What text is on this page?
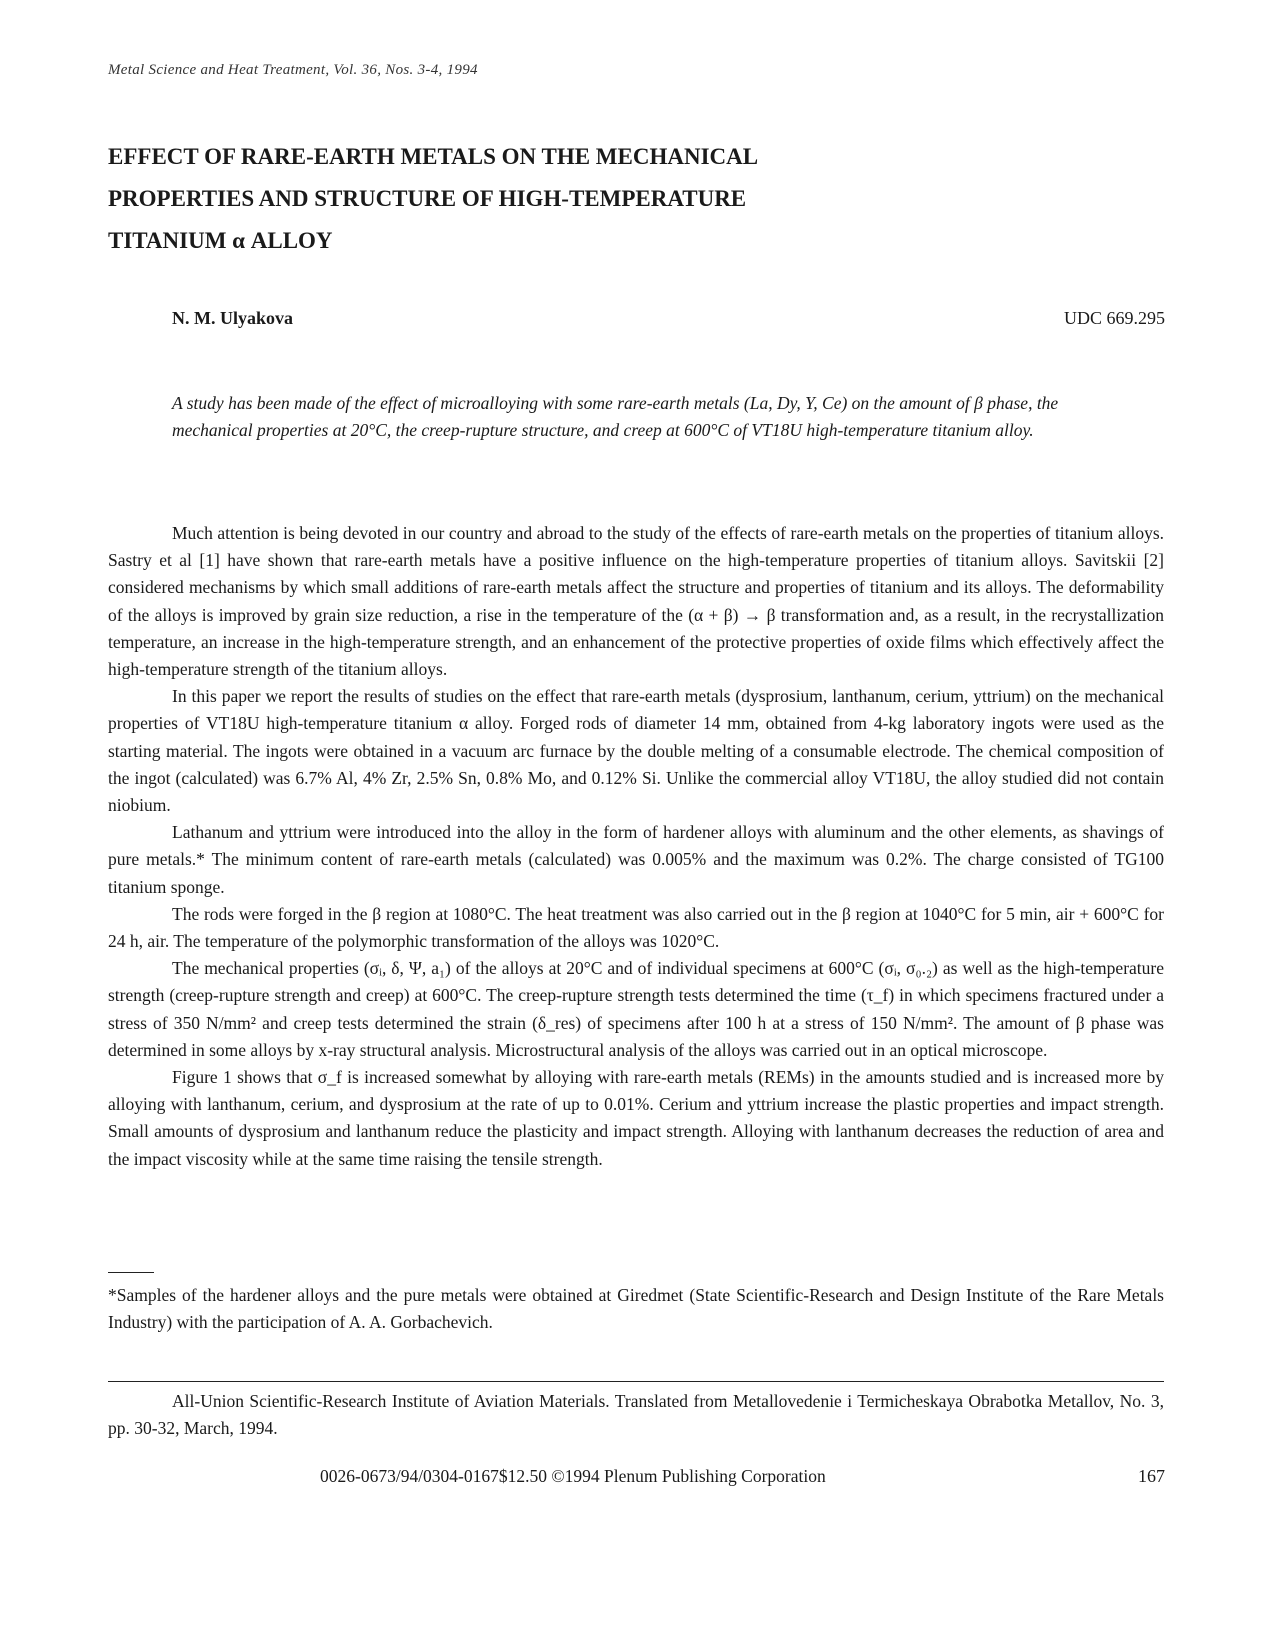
Metal Science and Heat Treatment, Vol. 36, Nos. 3-4, 1994
EFFECT OF RARE-EARTH METALS ON THE MECHANICAL
PROPERTIES AND STRUCTURE OF HIGH-TEMPERATURE
TITANIUM α ALLOY
N. M. Ulyakova	UDC 669.295

A study has been made of the effect of microalloying with some rare-earth metals (La, Dy, Y, Ce) on the amount of β phase, the mechanical properties at 20°C, the creep-rupture structure, and creep at 600°C of VT18U high-temperature titanium alloy.

Much attention is being devoted in our country and abroad to the study of the effects of rare-earth metals on the properties of titanium alloys. Sastry et al [1] have shown that rare-earth metals have a positive influence on the high-temperature properties of titanium alloys. Savitskii [2] considered mechanisms by which small additions of rare-earth metals affect the structure and properties of titanium and its alloys. The deformability of the alloys is improved by grain size reduction, a rise in the temperature of the (α + β) → β transformation and, as a result, in the recrystallization temperature, an increase in the high-temperature strength, and an enhancement of the protective properties of oxide films which effectively affect the high-temperature strength of the titanium alloys.

In this paper we report the results of studies on the effect that rare-earth metals (dysprosium, lanthanum, cerium, yttrium) on the mechanical properties of VT18U high-temperature titanium α alloy. Forged rods of diameter 14 mm, obtained from 4-kg laboratory ingots were used as the starting material. The ingots were obtained in a vacuum arc furnace by the double melting of a consumable electrode. The chemical composition of the ingot (calculated) was 6.7% Al, 4% Zr, 2.5% Sn, 0.8% Mo, and 0.12% Si. Unlike the commercial alloy VT18U, the alloy studied did not contain niobium.

Lathanum and yttrium were introduced into the alloy in the form of hardener alloys with aluminum and the other elements, as shavings of pure metals.* The minimum content of rare-earth metals (calculated) was 0.005% and the maximum was 0.2%. The charge consisted of TG100 titanium sponge.

The rods were forged in the β region at 1080°C. The heat treatment was also carried out in the β region at 1040°C for 5 min, air + 600°C for 24 h, air. The temperature of the polymorphic transformation of the alloys was 1020°C.

The mechanical properties (σᵢ, δ, Ψ, a₁) of the alloys at 20°C and of individual specimens at 600°C (σᵢ, σ₀.₂) as well as the high-temperature strength (creep-rupture strength and creep) at 600°C. The creep-rupture strength tests determined the time (τ_f) in which specimens fractured under a stress of 350 N/mm² and creep tests determined the strain (δ_res) of specimens after 100 h at a stress of 150 N/mm². The amount of β phase was determined in some alloys by x-ray structural analysis. Microstructural analysis of the alloys was carried out in an optical microscope.

Figure 1 shows that σ_f is increased somewhat by alloying with rare-earth metals (REMs) in the amounts studied and is increased more by alloying with lanthanum, cerium, and dysprosium at the rate of up to 0.01%. Cerium and yttrium increase the plastic properties and impact strength. Small amounts of dysprosium and lanthanum reduce the plasticity and impact strength. Alloying with lanthanum decreases the reduction of area and the impact viscosity while at the same time raising the tensile strength.

*Samples of the hardener alloys and the pure metals were obtained at Giredmet (State Scientific-Research and Design Institute of the Rare Metals Industry) with the participation of A. A. Gorbachevich.

All-Union Scientific-Research Institute of Aviation Materials. Translated from Metallovedenie i Termicheskaya Obrabotka Metallov, No. 3, pp. 30-32, March, 1994.

0026-0673/94/0304-0167$12.50 ©1994 Plenum Publishing Corporation	167
